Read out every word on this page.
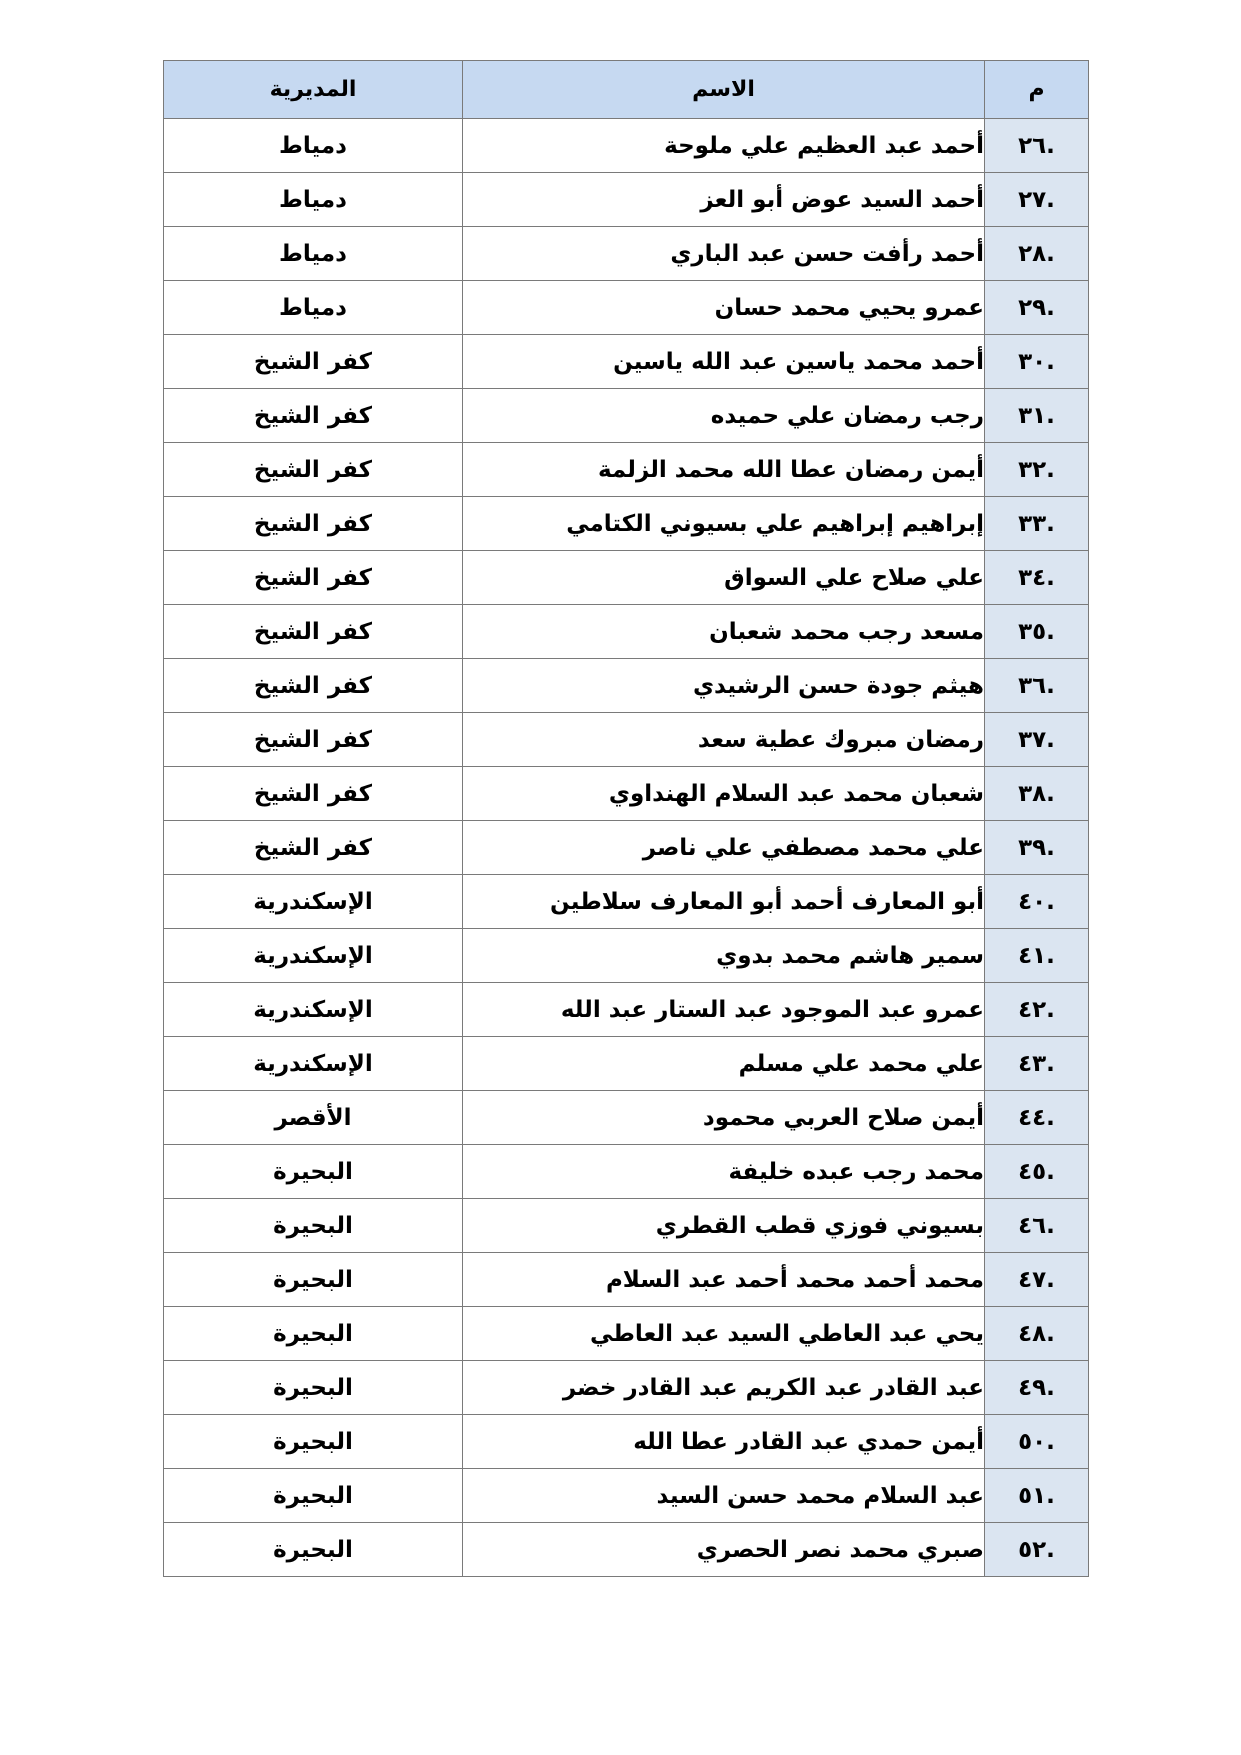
م	الاسم	المديرية
.٢٦	أحمد عبد العظيم علي ملوحة	دمياط
.٢٧	أحمد السيد عوض أبو العز	دمياط
.٢٨	أحمد رأفت حسن عبد الباري	دمياط
.٢٩	عمرو يحيي محمد حسان	دمياط
.٣٠	أحمد محمد ياسين عبد الله ياسين	كفر الشيخ
.٣١	رجب رمضان علي حميده	كفر الشيخ
.٣٢	أيمن رمضان عطا الله محمد الزلمة	كفر الشيخ
.٣٣	إبراهيم إبراهيم علي بسيوني الكتامي	كفر الشيخ
.٣٤	علي صلاح علي السواق	كفر الشيخ
.٣٥	مسعد رجب محمد شعبان	كفر الشيخ
.٣٦	هيثم جودة حسن الرشيدي	كفر الشيخ
.٣٧	رمضان مبروك عطية سعد	كفر الشيخ
.٣٨	شعبان محمد عبد السلام الهنداوي	كفر الشيخ
.٣٩	علي محمد مصطفي علي ناصر	كفر الشيخ
.٤٠	أبو المعارف أحمد أبو المعارف سلاطين	الإسكندرية
.٤١	سمير هاشم محمد بدوي	الإسكندرية
.٤٢	عمرو عبد الموجود عبد الستار عبد الله	الإسكندرية
.٤٣	علي محمد علي مسلم	الإسكندرية
.٤٤	أيمن صلاح العربي محمود	الأقصر
.٤٥	محمد رجب عبده خليفة	البحيرة
.٤٦	بسيوني فوزي قطب القطري	البحيرة
.٤٧	محمد أحمد محمد أحمد عبد السلام	البحيرة
.٤٨	يحي عبد العاطي السيد عبد العاطي	البحيرة
.٤٩	عبد القادر عبد الكريم عبد القادر خضر	البحيرة
.٥٠	أيمن حمدي عبد القادر عطا الله	البحيرة
.٥١	عبد السلام محمد حسن السيد	البحيرة
.٥٢	صبري محمد نصر الحصري	البحيرة
